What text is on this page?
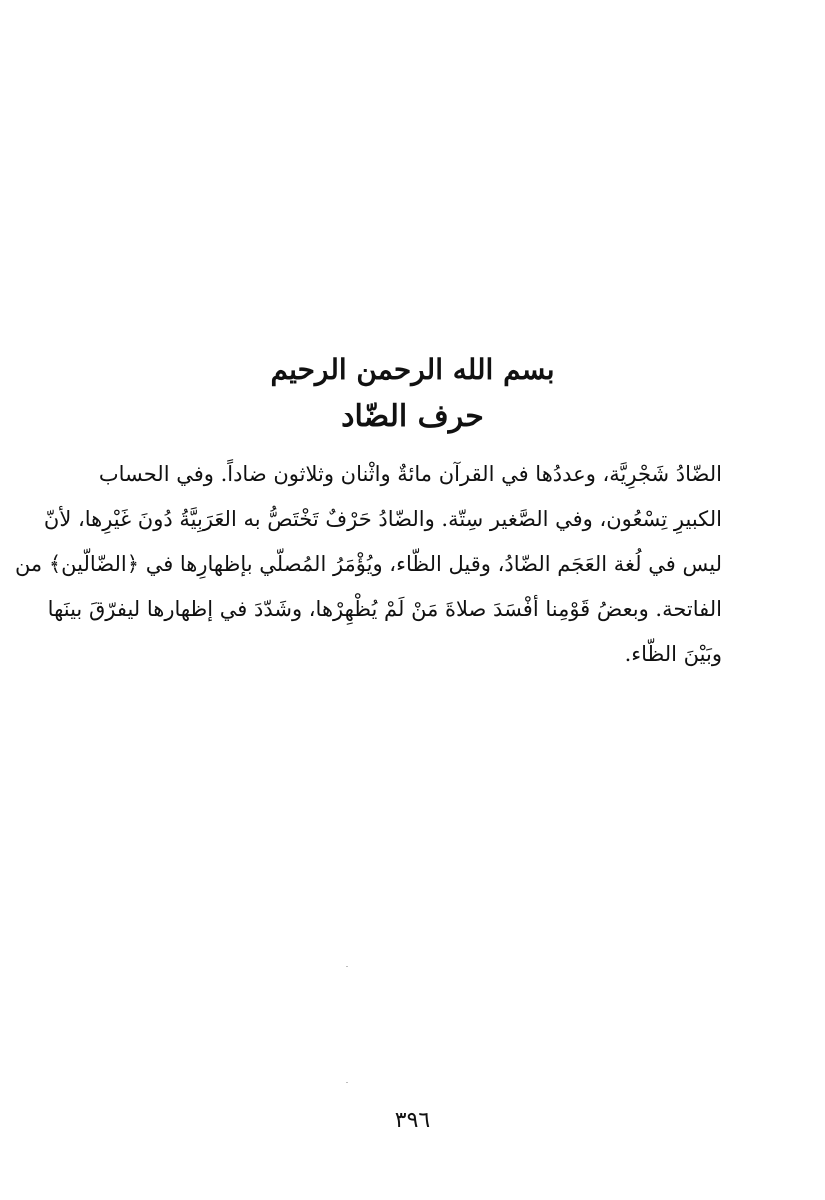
بسم الله الرحمن الرحيم
حرف الضّاد
الضّادُ شَجْرِيَّة، وعددُها في القرآن مائةٌ واثْنان وثلاثون ضاداً. وفي الحساب
الكبيرِ تِسْعُون، وفي الصَّغير سِتّة. والضّادُ حَرْفٌ تَخْتَصُّ به العَرَبِيَّةُ دُونَ غَيْرِها، لأنّ
ليس في لُغة العَجَم الضّادُ، وقيل الظّاء، ويُؤْمَرُ المُصلّي بإظهارِها في ﴿الضّالّين﴾ من
الفاتحة. وبعضُ قَوْمِنا أفْسَدَ صلاةَ مَنْ لَمْ يُظْهِرْها، وشَدّدَ في إظهارها ليفرّقَ بينَها
وبَيْنَ الظّاء.
٣٩٦
